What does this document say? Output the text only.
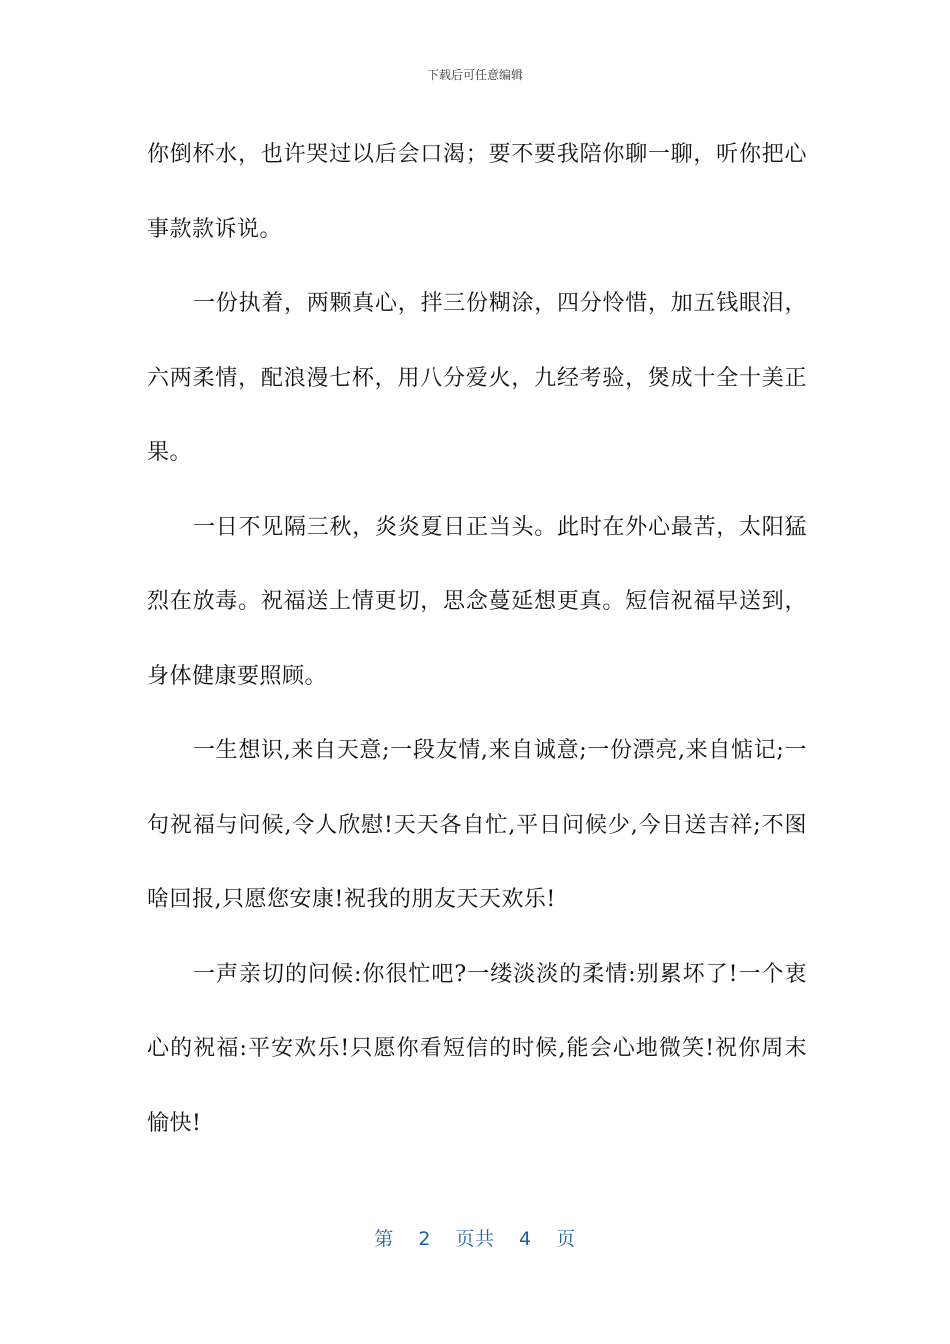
下载后可任意编辑

你倒杯水，也许哭过以后会口渴；要不要我陪你聊一聊，听你把心事款款诉说。

一份执着，两颗真心，拌三份糊涂，四分怜惜，加五钱眼泪，六两柔情，配浪漫七杯，用八分爱火，九经考验，煲成十全十美正果。

一日不见隔三秋，炎炎夏日正当头。此时在外心最苦，太阳猛烈在放毒。祝福送上情更切，思念蔓延想更真。短信祝福早送到，身体健康要照顾。

一生想识,来自天意;一段友情,来自诚意;一份漂亮,来自惦记;一句祝福与问候,令人欣慰!天天各自忙,平日问候少,今日送吉祥;不图啥回报,只愿您安康!祝我的朋友天天欢乐!

一声亲切的问候:你很忙吧?一缕淡淡的柔情:别累坏了!一个衷心的祝福:平安欢乐!只愿你看短信的时候,能会心地微笑!祝你周末愉快!

第 2 页共 4 页
